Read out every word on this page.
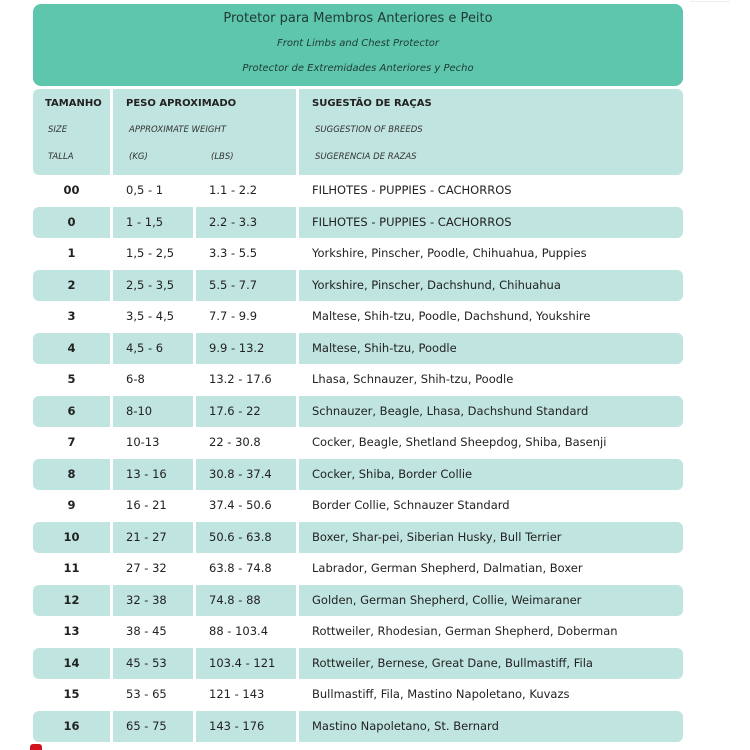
Protetor para Membros Anteriores e Peito
Front Limbs and Chest Protector
Protector de Extremidades Anteriores y Pecho
TAMANHO
SIZE
TALLA
PESO APROXIMADO
APPROXIMATE WEIGHT
(KG)	(LBS)
SUGESTÃO DE RAÇAS
SUGGESTION OF BREEDS
SUGERENCIA DE RAZAS
00	0,5 - 1	1.1 - 2.2	FILHOTES - PUPPIES - CACHORROS
0	1 - 1,5	2.2 - 3.3	FILHOTES - PUPPIES - CACHORROS
1	1,5 - 2,5	3.3 - 5.5	Yorkshire, Pinscher, Poodle, Chihuahua, Puppies
2	2,5 - 3,5	5.5 - 7.7	Yorkshire, Pinscher, Dachshund, Chihuahua
3	3,5 - 4,5	7.7 - 9.9	Maltese, Shih-tzu, Poodle, Dachshund, Youkshire
4	4,5 - 6	9.9 - 13.2	Maltese, Shih-tzu, Poodle
5	6-8	13.2 - 17.6	Lhasa, Schnauzer, Shih-tzu, Poodle
6	8-10	17.6 - 22	Schnauzer, Beagle, Lhasa, Dachshund Standard
7	10-13	22 - 30.8	Cocker, Beagle, Shetland Sheepdog, Shiba, Basenji
8	13 - 16	30.8 - 37.4	Cocker, Shiba, Border Collie
9	16 - 21	37.4 - 50.6	Border Collie, Schnauzer Standard
10	21 - 27	50.6 - 63.8	Boxer, Shar-pei, Siberian Husky, Bull Terrier
11	27 - 32	63.8 - 74.8	Labrador, German Shepherd, Dalmatian, Boxer
12	32 - 38	74.8 - 88	Golden, German Shepherd, Collie, Weimaraner
13	38 - 45	88 - 103.4	Rottweiler, Rhodesian, German Shepherd, Doberman
14	45 - 53	103.4 - 121	Rottweiler, Bernese, Great Dane, Bullmastiff, Fila
15	53 - 65	121 - 143	Bullmastiff, Fila, Mastino Napoletano, Kuvazs
16	65 - 75	143 - 176	Mastino Napoletano, St. Bernard
